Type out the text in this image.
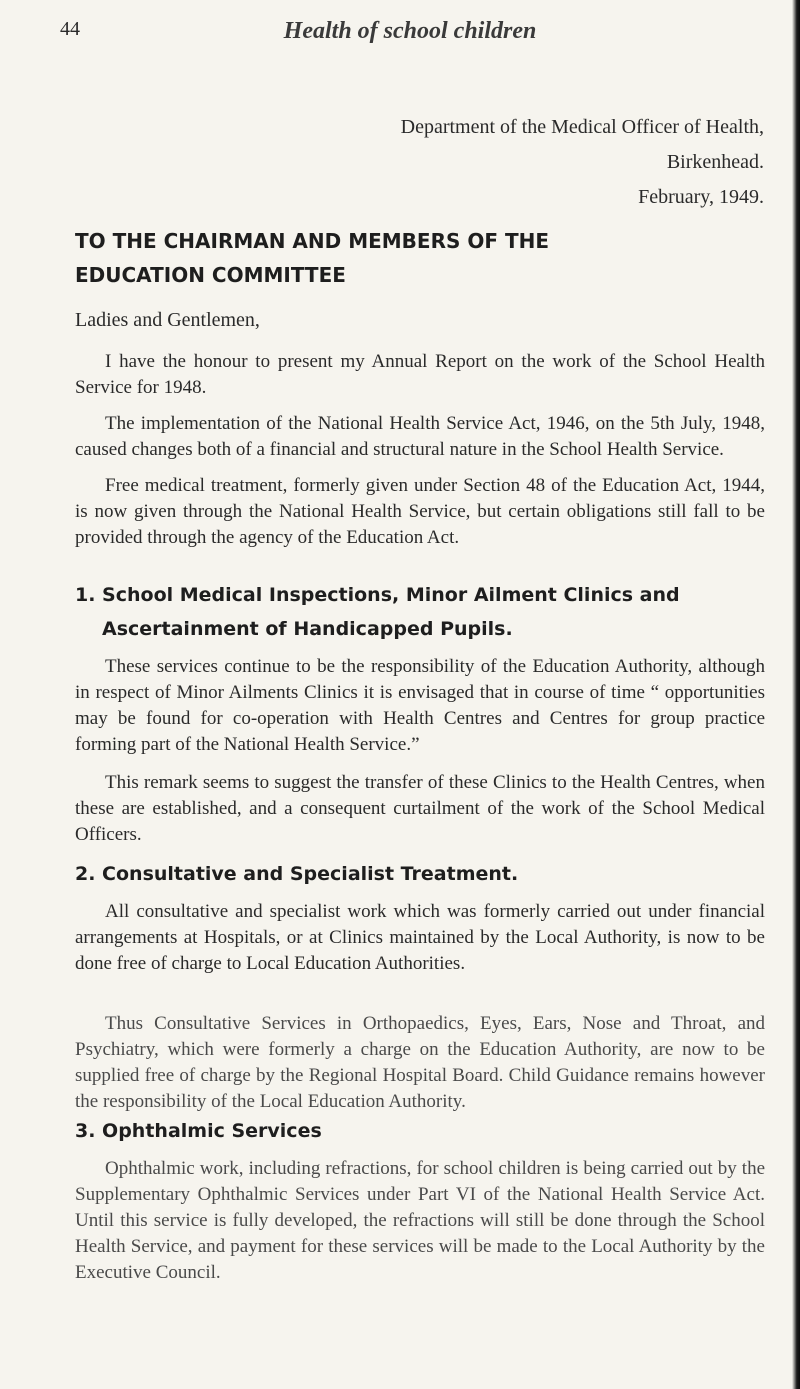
44	Health of school children
Department of the Medical Officer of Health,
Birkenhead.
February, 1949.
TO THE CHAIRMAN AND MEMBERS OF THE
EDUCATION COMMITTEE
Ladies and Gentlemen,

I have the honour to present my Annual Report on the work of the School Health Service for 1948.

The implementation of the National Health Service Act, 1946, on the 5th July, 1948, caused changes both of a financial and structural nature in the School Health Service.

Free medical treatment, formerly given under Section 48 of the Education Act, 1944, is now given through the National Health Service, but certain obligations still fall to be provided through the agency of the Education Act.

1. School Medical Inspections, Minor Ailment Clinics and
Ascertainment of Handicapped Pupils.

These services continue to be the responsibility of the Education Authority, although in respect of Minor Ailments Clinics it is envisaged that in course of time “ opportunities may be found for co-operation with Health Centres and Centres for group practice forming part of the National Health Service.”

This remark seems to suggest the transfer of these Clinics to the Health Centres, when these are established, and a consequent curtailment of the work of the School Medical Officers.

2. Consultative and Specialist Treatment.

All consultative and specialist work which was formerly carried out under financial arrangements at Hospitals, or at Clinics maintained by the Local Authority, is now to be done free of charge to Local Education Authorities.

Thus Consultative Services in Orthopaedics, Eyes, Ears, Nose and Throat, and Psychiatry, which were formerly a charge on the Education Authority, are now to be supplied free of charge by the Regional Hospital Board. Child Guidance remains however the responsibility of the Local Education Authority.

3. Ophthalmic Services

Ophthalmic work, including refractions, for school children is being carried out by the Supplementary Ophthalmic Services under Part VI of the National Health Service Act. Until this service is fully developed, the refractions will still be done through the School Health Service, and payment for these services will be made to the Local Authority by the Executive Council.
